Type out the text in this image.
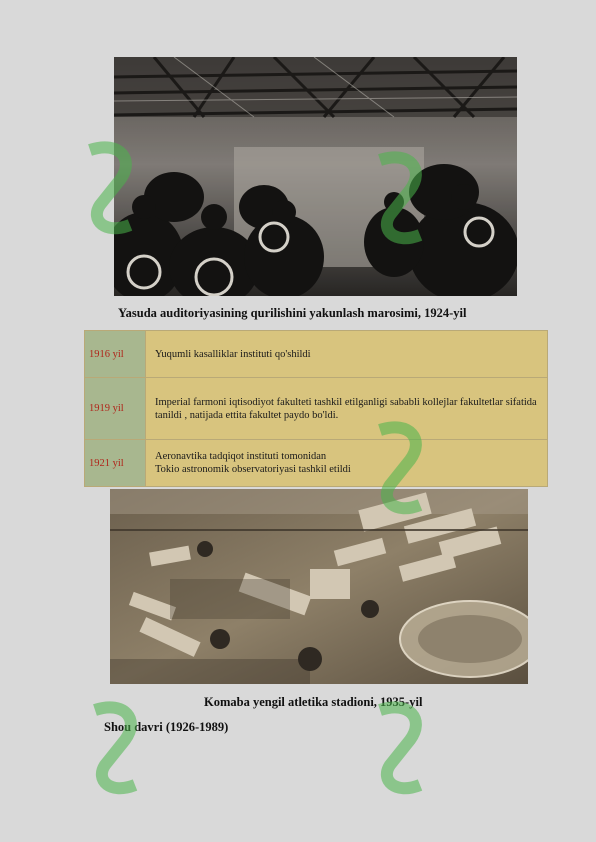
Yasuda auditoriyasining qurilishini yakunlash marosimi, 1924-yil
1916 yil	Yuqumli kasalliklar instituti qo'shildi
1919 yil	Imperial farmoni iqtisodiyot fakulteti tashkil etilganligi sababli kollejlar fakultetlar sifatida tanildi , natijada ettita fakultet paydo bo'ldi.
1921 yil	Aeronavtika tadqiqot instituti tomonidan
Tokio astronomik observatoriyasi tashkil etildi
Komaba yengil atletika stadioni, 1935-yil
Shou davri (1926-1989)
